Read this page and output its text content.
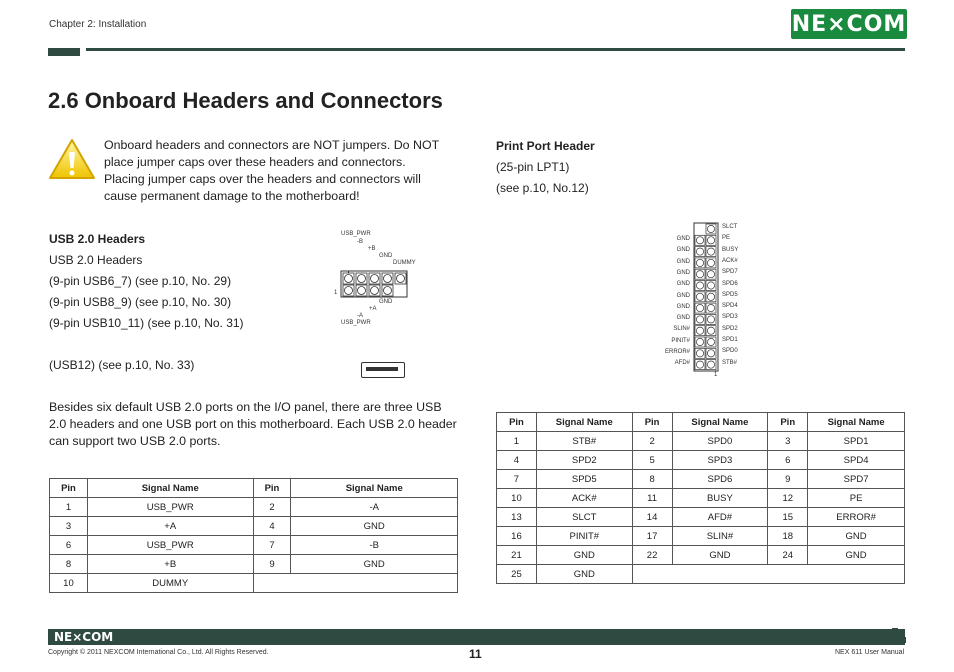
Chapter 2: Installation	NE⨯COM
2.6 Onboard Headers and Connectors
Onboard headers and connectors are NOT jumpers. Do NOT place jumper caps over these headers and connectors. Placing jumper caps over the headers and connectors will cause permanent damage to the motherboard!
USB 2.0 Headers
USB 2.0 Headers
(9-pin USB6_7) (see p.10, No. 29)
(9-pin USB8_9) (see p.10, No. 30)
(9-pin USB10_11) (see p.10, No. 31)
(USB12) (see p.10, No. 33)
USB_PWR
-B
+B
GND
DUMMY
1
GND
+A
-A
USB_PWR
Besides six default USB 2.0 ports on the I/O panel, there are three USB 2.0 headers and one USB port on this motherboard. Each USB 2.0 header can support two USB 2.0 ports.
Pin	Signal Name	Pin	Signal Name
1	USB_PWR	2	-A
3	+A	4	GND
6	USB_PWR	7	-B
8	+B	9	GND
10	DUMMY		
Print Port Header
(25-pin LPT1)
(see p.10, No.12)
GND
GND
GND
GND
GND
GND
GND
GND
SLIN#
PINIT#
ERROR#
AFD#
SLCT
PE
BUSY
ACK#
SPD7
SPD6
SPD5
SPD4
SPD3
SPD2
SPD1
SPD0
STB#
1
Pin	Signal Name	Pin	Signal Name	Pin	Signal Name
1	STB#	2	SPD0	3	SPD1
4	SPD2	5	SPD3	6	SPD4
7	SPD5	8	SPD6	9	SPD7
10	ACK#	11	BUSY	12	PE
13	SLCT	14	AFD#	15	ERROR#
16	PINIT#	17	SLIN#	18	GND
21	GND	22	GND	24	GND
25	GND				
NE⨯COM
Copyright © 2011 NEXCOM International Co., Ltd. All Rights Reserved.	11	NEX 611 User Manual
